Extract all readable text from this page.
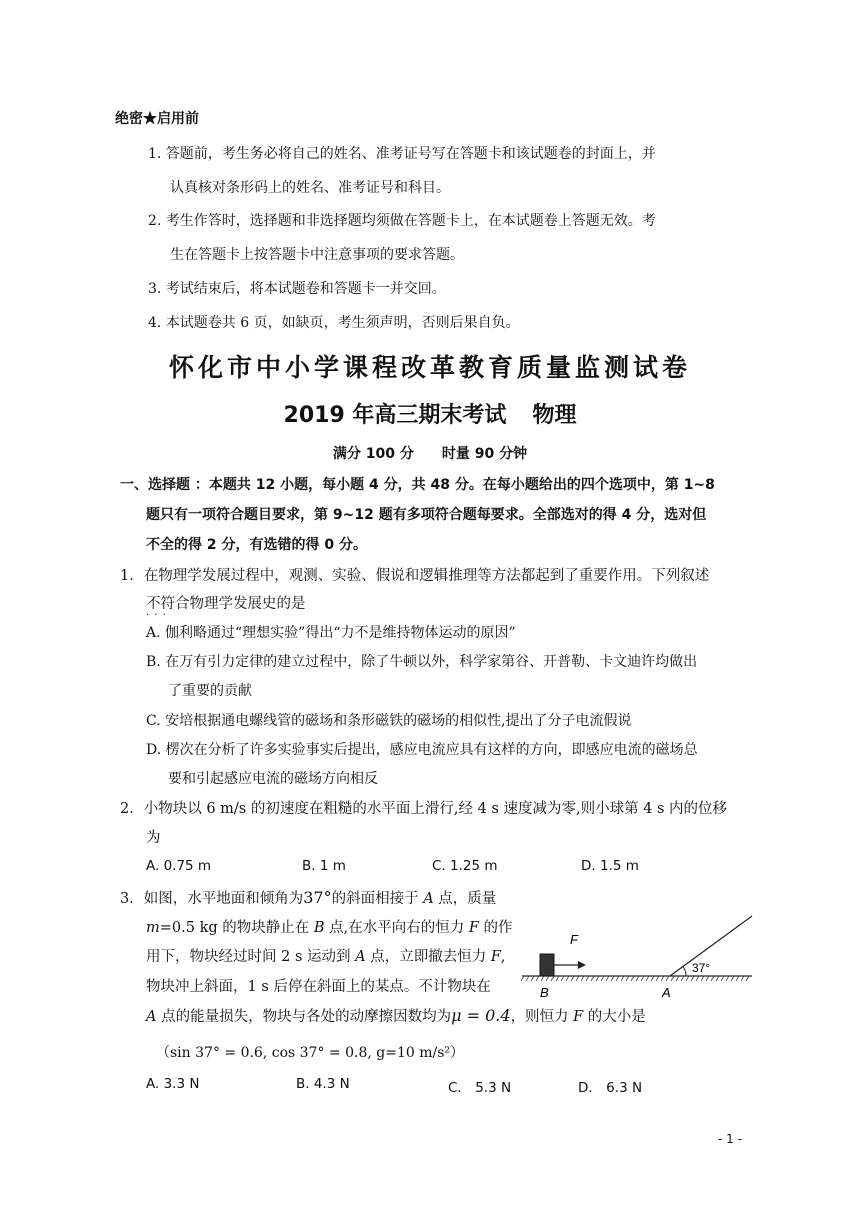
绝密★启用前
1. 答题前，考生务必将自己的姓名、准考证号写在答题卡和该试题卷的封面上，并
认真核对条形码上的姓名、准考证号和科目。
2. 考生作答时，选择题和非选择题均须做在答题卡上，在本试题卷上答题无效。考
生在答题卡上按答题卡中注意事项的要求答题。
3. 考试结束后，将本试题卷和答题卡一并交回。
4. 本试题卷共 6 页，如缺页，考生须声明，否则后果自负。
怀化市中小学课程改革教育质量监测试卷
2019 年高三期末考试 物理
满分 100 分 时量 90 分钟
一、选择题 ：本题共 12 小题，每小题 4 分，共 48 分。在每小题给出的四个选项中，第 1~8
题只有一项符合题目要求，第 9~12 题有多项符合题每要求。全部选对的得 4 分，选对但
不全的得 2 分，有选错的得 0 分。
1．在物理学发展过程中，观测、实验、假说和逻辑推理等方法都起到了重要作用。下列叙述
不符合 · · ·物理学发展史的是
A. 伽利略通过“理想实验”得出“力不是维持物体运动的原因”
B. 在万有引力定律的建立过程中，除了牛顿以外，科学家第谷、开普勒、卡文迪许均做出
了重要的贡献
C. 安培根据通电螺线管的磁场和条形磁铁的磁场的相似性,提出了分子电流假说
D. 楞次在分析了许多实验事实后提出，感应电流应具有这样的方向，即感应电流的磁场总
要和引起感应电流的磁场方向相反
2．小物块以 6 m/s 的初速度在粗糙的水平面上滑行,经 4 s 速度减为零,则小球第 4 s 内的位移
为
A. 0.75 m	B. 1 m	C. 1.25 m	D. 1.5 m
3．如图，水平地面和倾角为37°的斜面相接于 A 点，质量
m=0.5 kg 的物块静止在 B 点,在水平向右的恒力 F 的作
用下，物块经过时间 2 s 运动到 A 点，立即撤去恒力 F,
物块冲上斜面，1 s 后停在斜面上的某点。不计物块在
A 点的能量损失，物块与各处的动摩擦因数均为μ = 0.4，则恒力 F 的大小是
（sin 37° = 0.6, cos 37° = 0.8, g=10 m/s²）
A. 3.3 N	B. 4.3 N	C． 5.3 N	D． 6.3 N
F
37°
B	A
- 1 -
